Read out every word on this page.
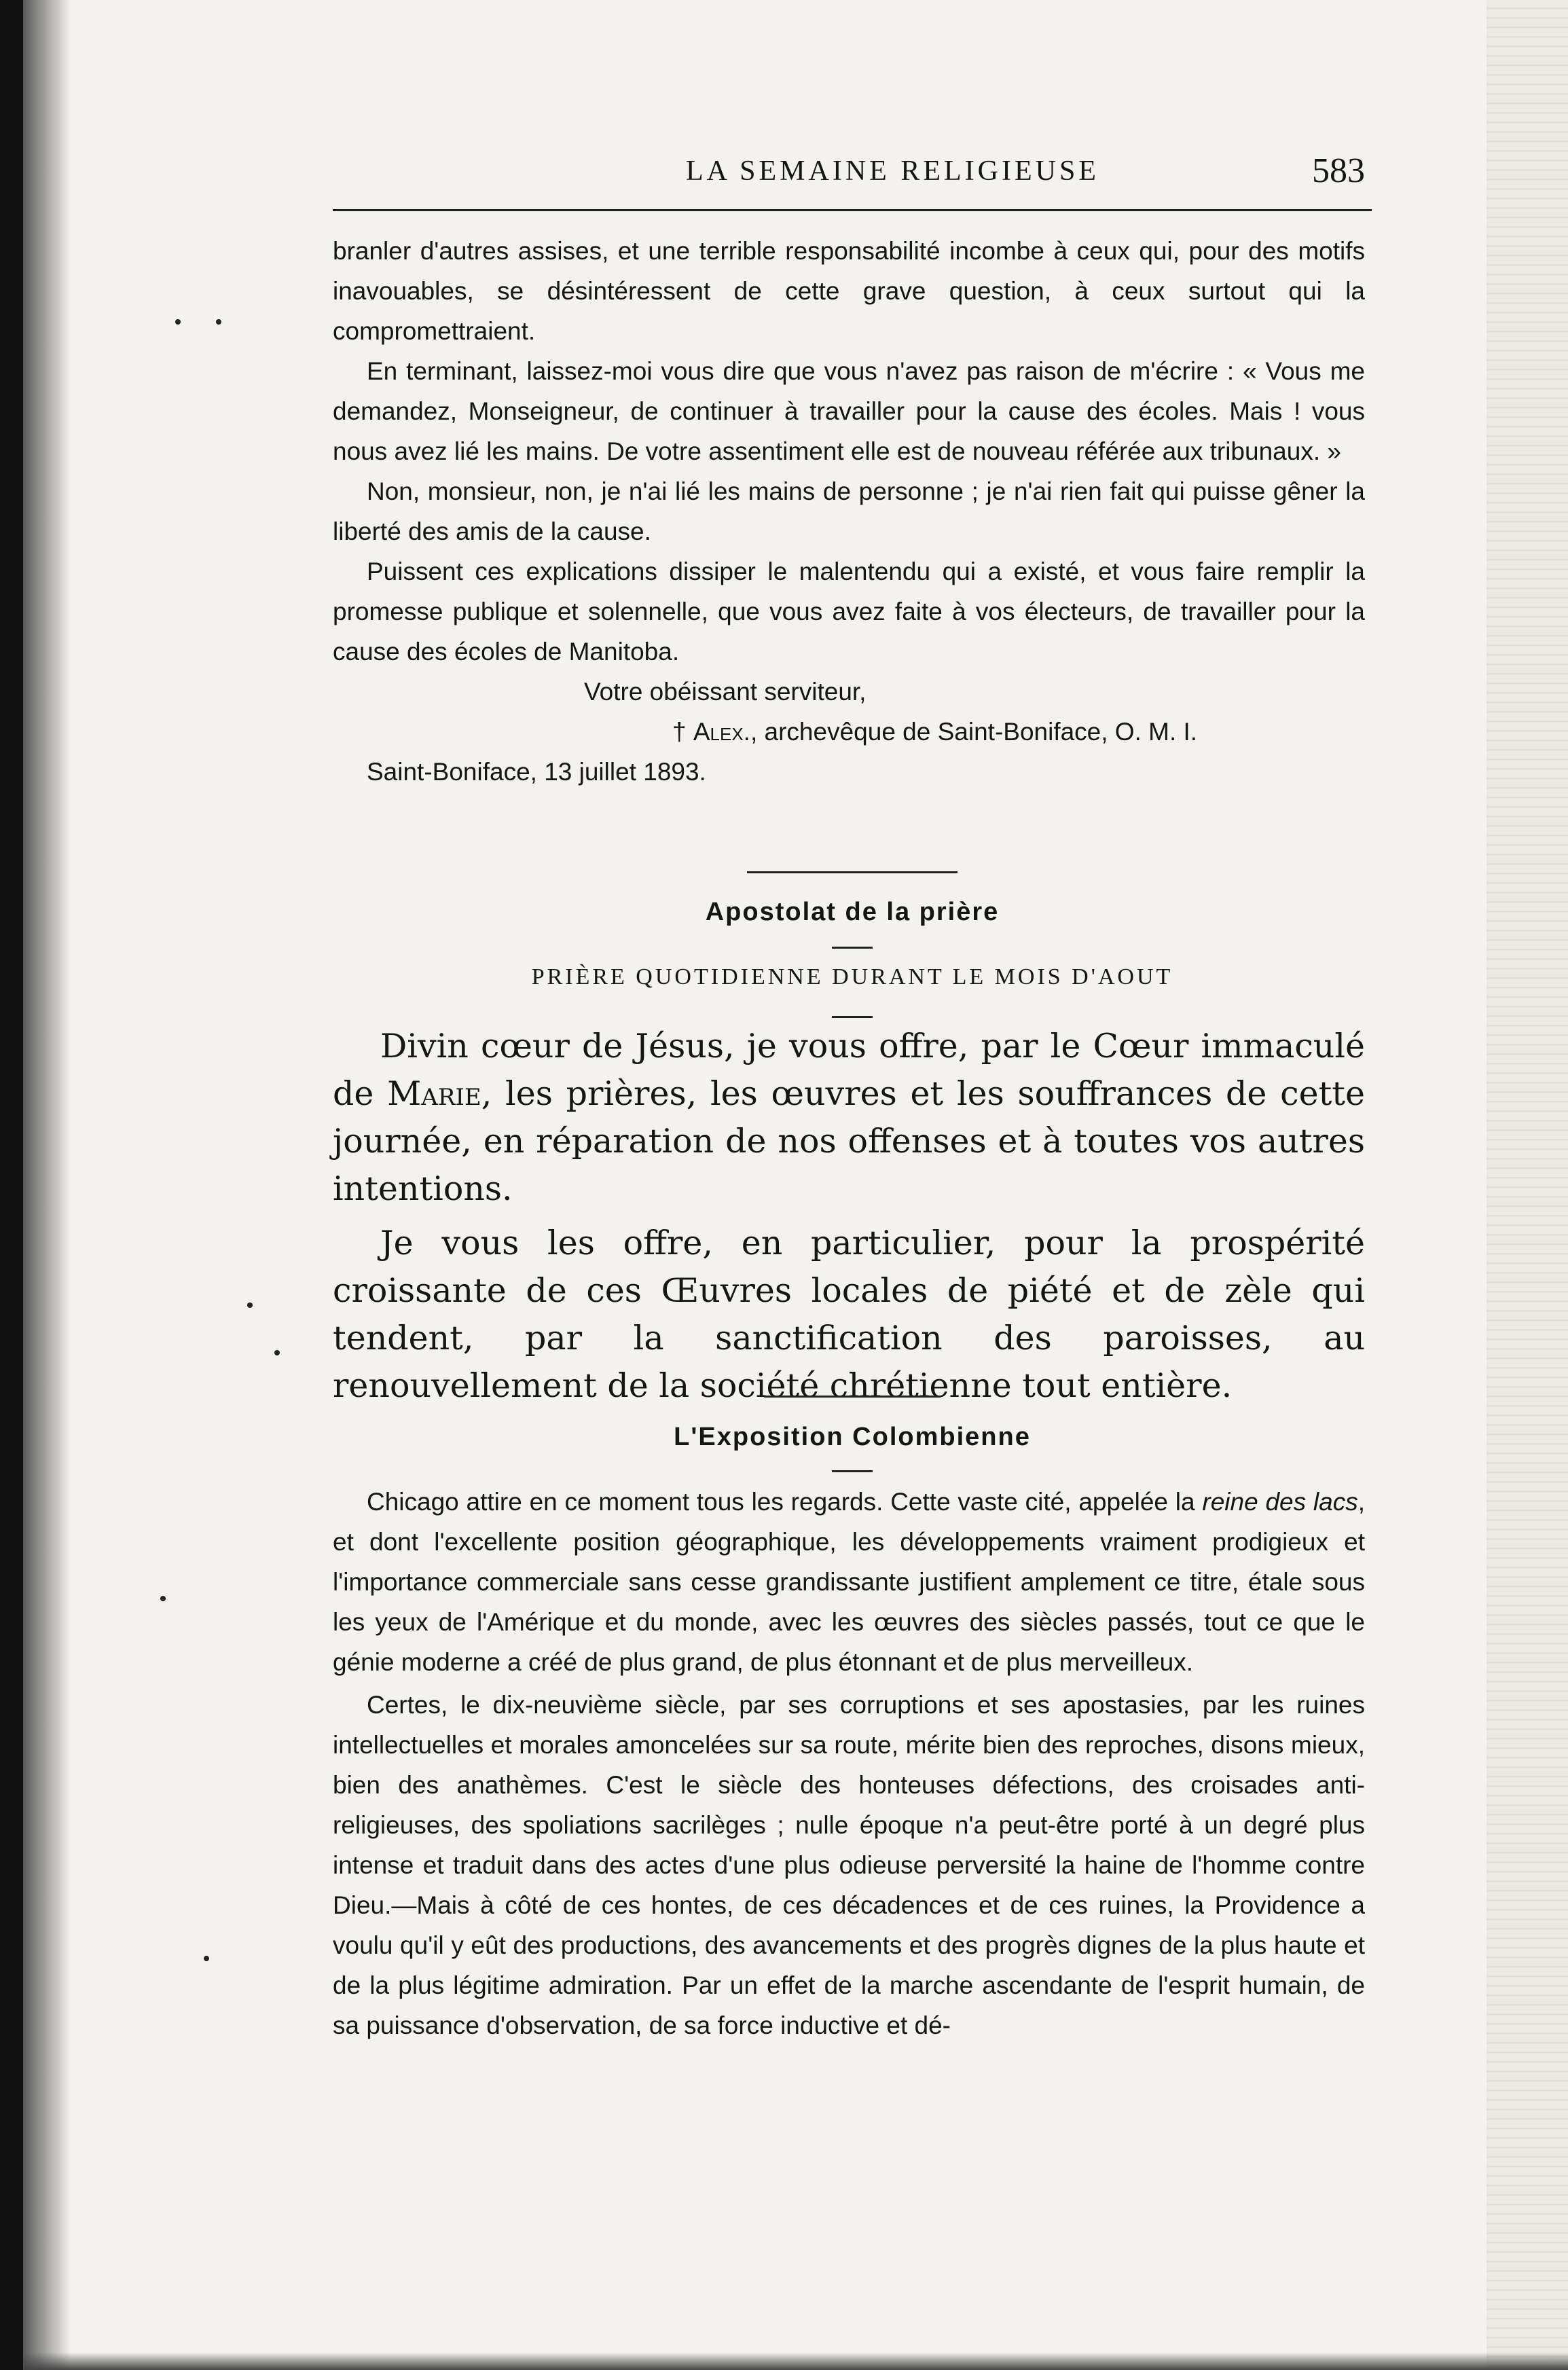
LA SEMAINE RELIGIEUSE	583

branler d'autres assises, et une terrible responsabilité incombe à ceux qui, pour des motifs inavouables, se désintéressent de cette grave question, à ceux surtout qui la compromettraient.

En terminant, laissez-moi vous dire que vous n'avez pas raison de m'écrire : « Vous me demandez, Monseigneur, de continuer à travailler pour la cause des écoles. Mais ! vous nous avez lié les mains. De votre assentiment elle est de nouveau référée aux tribunaux. »

Non, monsieur, non, je n'ai lié les mains de personne ; je n'ai rien fait qui puisse gêner la liberté des amis de la cause.

Puissent ces explications dissiper le malentendu qui a existé, et vous faire remplir la promesse publique et solennelle, que vous avez faite à vos électeurs, de travailler pour la cause des écoles de Manitoba.

Votre obéissant serviteur,

† Alex., archevêque de Saint-Boniface, O. M. I.

Saint-Boniface, 13 juillet 1893.

Apostolat de la prière
PRIÈRE QUOTIDIENNE DURANT LE MOIS D'AOUT

Divin cœur de Jésus, je vous offre, par le Cœur immaculé de Marie, les prières, les œuvres et les souffrances de cette journée, en réparation de nos offenses et à toutes vos autres intentions.

Je vous les offre, en particulier, pour la prospérité croissante de ces Œuvres locales de piété et de zèle qui tendent, par la sanctification des paroisses, au renouvellement de la société chrétienne tout entière.

L'Exposition Colombienne

Chicago attire en ce moment tous les regards. Cette vaste cité, appelée la reine des lacs, et dont l'excellente position géographique, les développements vraiment prodigieux et l'importance commerciale sans cesse grandissante justifient amplement ce titre, étale sous les yeux de l'Amérique et du monde, avec les œuvres des siècles passés, tout ce que le génie moderne a créé de plus grand, de plus étonnant et de plus merveilleux.

Certes, le dix-neuvième siècle, par ses corruptions et ses apostasies, par les ruines intellectuelles et morales amoncelées sur sa route, mérite bien des reproches, disons mieux, bien des anathèmes. C'est le siècle des honteuses défections, des croisades anti-religieuses, des spoliations sacrilèges ; nulle époque n'a peut-être porté à un degré plus intense et traduit dans des actes d'une plus odieuse perversité la haine de l'homme contre Dieu.—Mais à côté de ces hontes, de ces décadences et de ces ruines, la Providence a voulu qu'il y eût des productions, des avancements et des progrès dignes de la plus haute et de la plus légitime admiration. Par un effet de la marche ascendante de l'esprit humain, de sa puissance d'observation, de sa force inductive et dé-
